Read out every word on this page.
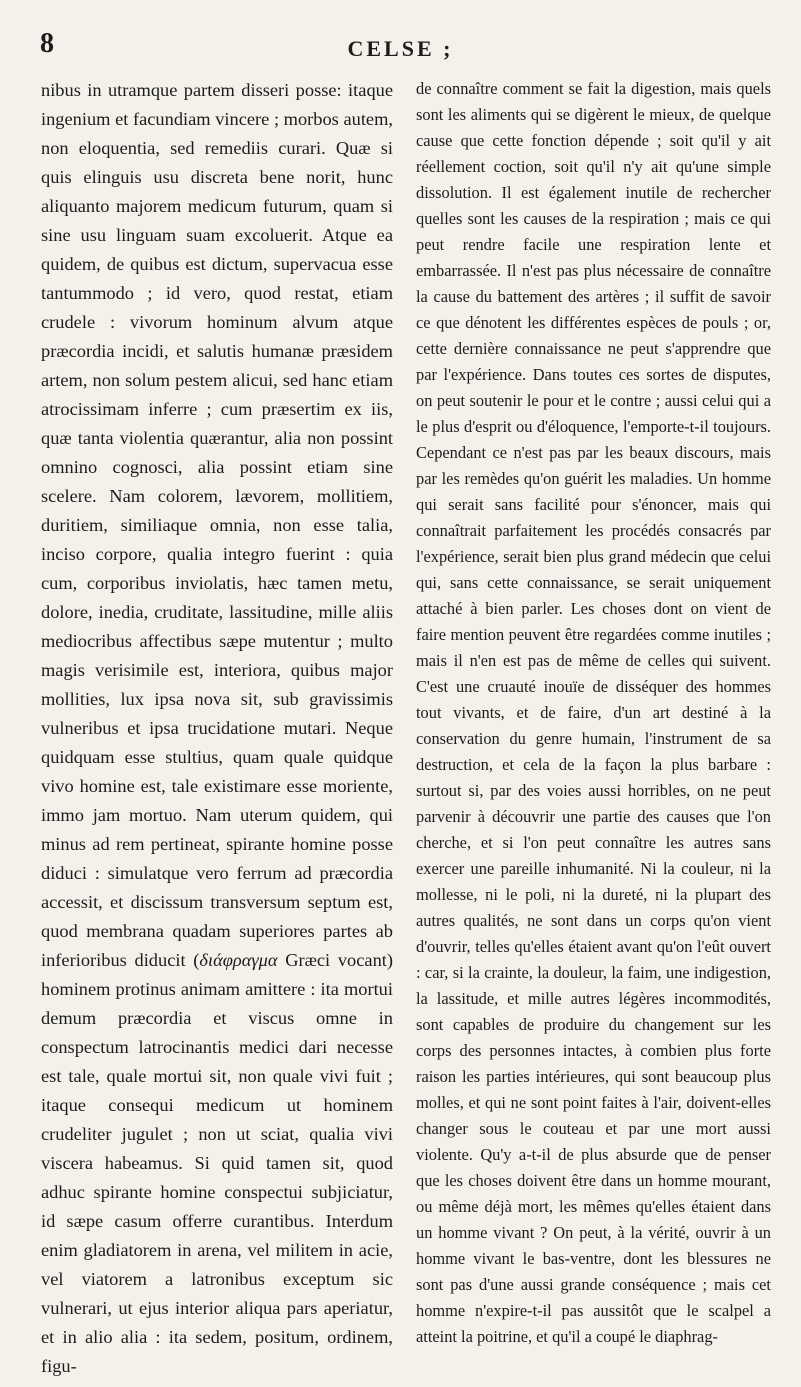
8	CELSE ;

nibus in utramque partem disseri posse: itaque ingenium et facundiam vincere ; morbos autem, non eloquentia, sed remediis curari. Quæ si quis elinguis usu discreta bene norit, hunc aliquanto majorem medicum futurum, quam si sine usu linguam suam excoluerit. Atque ea quidem, de quibus est dictum, supervacua esse tantummodo ; id vero, quod restat, etiam crudele : vivorum hominum alvum atque præcordia incidi, et salutis humanæ præsidem artem, non solum pestem alicui, sed hanc etiam atrocissimam inferre ; cum præsertim ex iis, quæ tanta violentia quærantur, alia non possint omnino cognosci, alia possint etiam sine scelere. Nam colorem, lævorem, mollitiem, duritiem, similiaque omnia, non esse talia, inciso corpore, qualia integro fuerint : quia cum, corporibus inviolatis, hæc tamen metu, dolore, inedia, cruditate, lassitudine, mille aliis mediocribus affectibus sæpe mutentur ; multo magis verisimile est, interiora, quibus major mollities, lux ipsa nova sit, sub gravissimis vulneribus et ipsa trucidatione mutari. Neque quidquam esse stultius, quam quale quidque vivo homine est, tale existimare esse moriente, immo jam mortuo. Nam uterum quidem, qui minus ad rem pertineat, spirante homine posse diduci : simulatque vero ferrum ad præcordia accessit, et discissum transversum septum est, quod membrana quadam superiores partes ab inferioribus diducit (διάφραγμα Græci vocant) hominem protinus animam amittere : ita mortui demum præcordia et viscus omne in conspectum latrocinantis medici dari necesse est tale, quale mortui sit, non quale vivi fuit ; itaque consequi medicum ut hominem crudeliter jugulet ; non ut sciat, qualia vivi viscera habeamus. Si quid tamen sit, quod adhuc spirante homine conspectui subjiciatur, id sæpe casum offerre curantibus. Interdum enim gladiatorem in arena, vel militem in acie, vel viatorem a latronibus exceptum sic vulnerari, ut ejus interior aliqua pars aperiatur, et in alio alia : ita sedem, positum, ordinem, figu-

de connaître comment se fait la digestion, mais quels sont les aliments qui se digèrent le mieux, de quelque cause que cette fonction dépende ; soit qu'il y ait réellement coction, soit qu'il n'y ait qu'une simple dissolution. Il est également inutile de rechercher quelles sont les causes de la respiration ; mais ce qui peut rendre facile une respiration lente et embarrassée. Il n'est pas plus nécessaire de connaître la cause du battement des artères ; il suffit de savoir ce que dénotent les différentes espèces de pouls ; or, cette dernière connaissance ne peut s'apprendre que par l'expérience. Dans toutes ces sortes de disputes, on peut soutenir le pour et le contre ; aussi celui qui a le plus d'esprit ou d'éloquence, l'emporte-t-il toujours. Cependant ce n'est pas par les beaux discours, mais par les remèdes qu'on guérit les maladies. Un homme qui serait sans facilité pour s'énoncer, mais qui connaîtrait parfaitement les procédés consacrés par l'expérience, serait bien plus grand médecin que celui qui, sans cette connaissance, se serait uniquement attaché à bien parler. Les choses dont on vient de faire mention peuvent être regardées comme inutiles ; mais il n'en est pas de même de celles qui suivent. C'est une cruauté inouïe de disséquer des hommes tout vivants, et de faire, d'un art destiné à la conservation du genre humain, l'instrument de sa destruction, et cela de la façon la plus barbare : surtout si, par des voies aussi horribles, on ne peut parvenir à découvrir une partie des causes que l'on cherche, et si l'on peut connaître les autres sans exercer une pareille inhumanité. Ni la couleur, ni la mollesse, ni le poli, ni la dureté, ni la plupart des autres qualités, ne sont dans un corps qu'on vient d'ouvrir, telles qu'elles étaient avant qu'on l'eût ouvert : car, si la crainte, la douleur, la faim, une indigestion, la lassitude, et mille autres légères incommodités, sont capables de produire du changement sur les corps des personnes intactes, à combien plus forte raison les parties intérieures, qui sont beaucoup plus molles, et qui ne sont point faites à l'air, doivent-elles changer sous le couteau et par une mort aussi violente. Qu'y a-t-il de plus absurde que de penser que les choses doivent être dans un homme mourant, ou même déjà mort, les mêmes qu'elles étaient dans un homme vivant ? On peut, à la vérité, ouvrir à un homme vivant le bas-ventre, dont les blessures ne sont pas d'une aussi grande conséquence ; mais cet homme n'expire-t-il pas aussitôt que le scalpel a atteint la poitrine, et qu'il a coupé le diaphrag-
